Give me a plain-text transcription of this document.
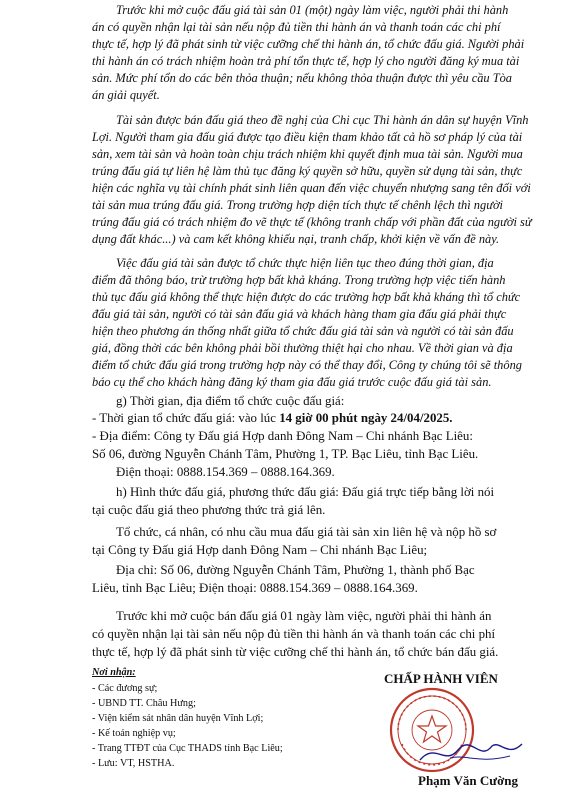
Trước khi mở cuộc đấu giá tài sản 01 (một) ngày làm việc, người phải thi hành
án có quyền nhận lại tài sản nếu nộp đủ tiền thi hành án và thanh toán các chi phí
thực tế, hợp lý đã phát sinh từ việc cưỡng chế thi hành án, tổ chức đấu giá. Người phải
thi hành án có trách nhiệm hoàn trả phí tổn thực tế, hợp lý cho người đăng ký mua tài
sản. Mức phí tổn do các bên thỏa thuận; nếu không thỏa thuận được thì yêu cầu Tòa
án giải quyết.
Tài sản được bán đấu giá theo đề nghị của Chi cục Thi hành án dân sự huyện Vĩnh
Lợi. Người tham gia đấu giá được tạo điều kiện tham khảo tất cả hồ sơ pháp lý của tài
sản, xem tài sản và hoàn toàn chịu trách nhiệm khi quyết định mua tài sản. Người mua
trúng đấu giá tự liên hệ làm thủ tục đăng ký quyền sở hữu, quyền sử dụng tài sản, thực
hiện các nghĩa vụ tài chính phát sinh liên quan đến việc chuyển nhượng sang tên đối với
tài sản mua trúng đấu giá. Trong trường hợp diện tích thực tế chênh lệch thì người
trúng đấu giá có trách nhiệm đo vẽ thực tế (không tranh chấp với phần đất của người sử
dụng đất khác...) và cam kết không khiếu nại, tranh chấp, khởi kiện về vấn đề này.
Việc đấu giá tài sản được tổ chức thực hiện liên tục theo đúng thời gian, địa
điểm đã thông báo, trừ trường hợp bất khả kháng. Trong trường hợp việc tiến hành
thủ tục đấu giá không thể thực hiện được do các trường hợp bất khả kháng thì tổ chức
đấu giá tài sản, người có tài sản đấu giá và khách hàng tham gia đấu giá phải thực
hiện theo phương án thống nhất giữa tổ chức đấu giá tài sản và người có tài sản đấu
giá, đồng thời các bên không phải bồi thường thiệt hại cho nhau. Về thời gian và địa
điểm tổ chức đấu giá trong trường hợp này có thể thay đổi, Công ty chúng tôi sẽ thông
báo cụ thể cho khách hàng đăng ký tham gia đấu giá trước cuộc đấu giá tài sản.
g) Thời gian, địa điểm tổ chức cuộc đấu giá:
- Thời gian tổ chức đấu giá: vào lúc 14 giờ 00 phút ngày 24/04/2025.
- Địa điểm: Công ty Đấu giá Hợp danh Đông Nam – Chi nhánh Bạc Liêu:
Số 06, đường Nguyễn Chánh Tâm, Phường 1, TP. Bạc Liêu, tỉnh Bạc Liêu.
Điện thoại: 0888.154.369 – 0888.164.369.
h) Hình thức đấu giá, phương thức đấu giá: Đấu giá trực tiếp bằng lời nói
tại cuộc đấu giá theo phương thức trả giá lên.
Tổ chức, cá nhân, có nhu cầu mua đấu giá tài sản xin liên hệ và nộp hồ sơ
tại Công ty Đấu giá Hợp danh Đông Nam – Chi nhánh Bạc Liêu;
Địa chỉ: Số 06, đường Nguyễn Chánh Tâm, Phường 1, thành phố Bạc
Liêu, tỉnh Bạc Liêu; Điện thoại: 0888.154.369 – 0888.164.369.
Trước khi mở cuộc bán đấu giá 01 ngày làm việc, người phải thi hành án
có quyền nhận lại tài sản nếu nộp đủ tiền thi hành án và thanh toán các chi phí
thực tế, hợp lý đã phát sinh từ việc cưỡng chế thi hành án, tổ chức bán đấu giá.
Nơi nhận:
- Các đương sự;
- UBND TT. Châu Hưng;
- Viện kiểm sát nhân dân huyện Vĩnh Lợi;
- Kế toán nghiệp vụ;
- Trang TTĐT của Cục THADS tỉnh Bạc Liêu;
- Lưu: VT, HSTHA.
CHẤP HÀNH VIÊN
Phạm Văn Cường
